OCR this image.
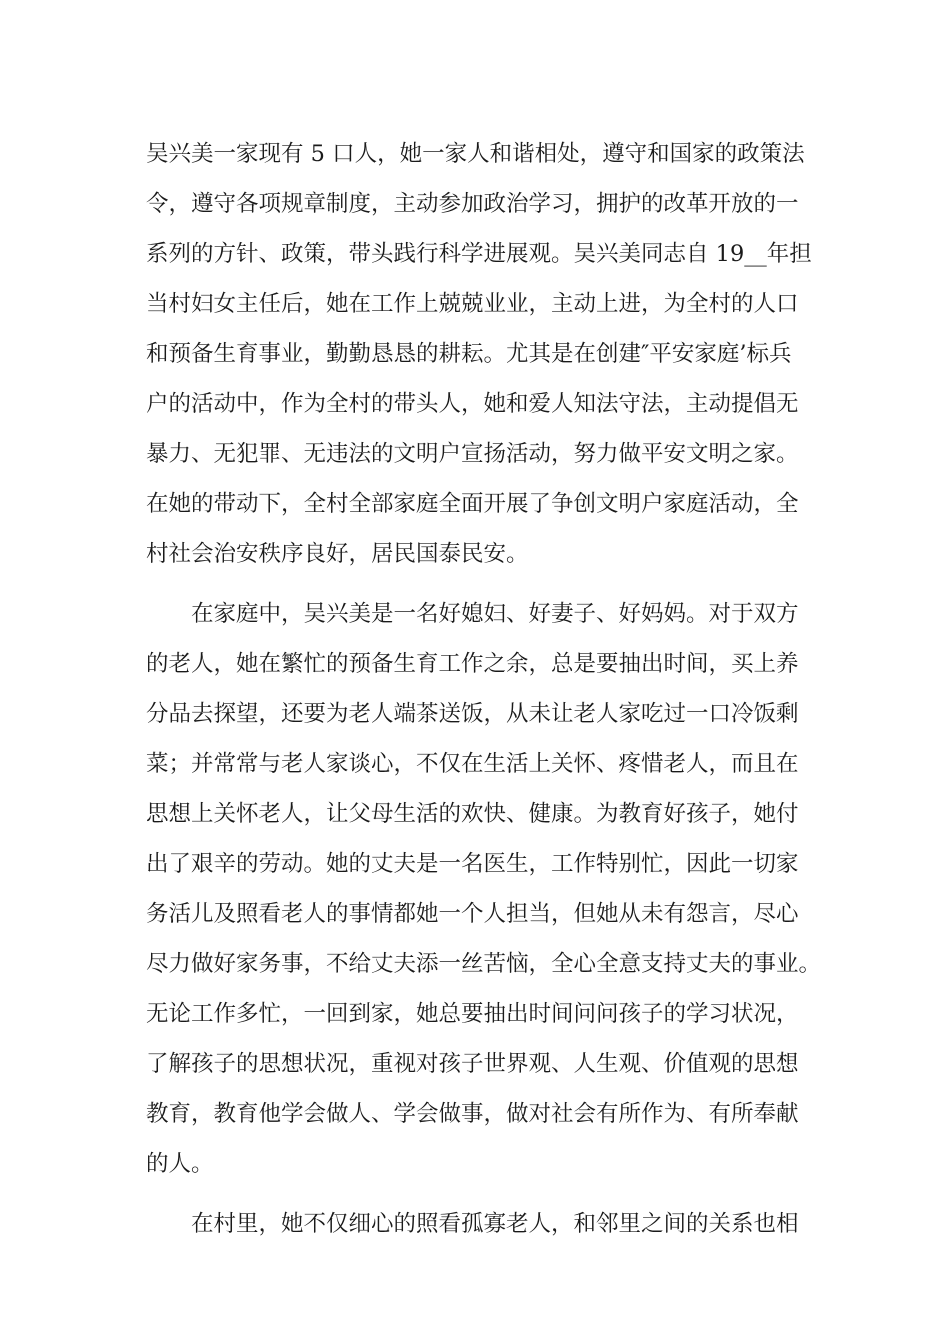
吴兴美一家现有 5 口人，她一家人和谐相处，遵守和国家的政策法
令，遵守各项规章制度，主动参加政治学习，拥护的改革开放的一
系列的方针、政策，带头践行科学进展观。吴兴美同志自 19__年担
当村妇女主任后，她在工作上兢兢业业，主动上进，为全村的人口
和预备生育事业，勤勤恳恳的耕耘。尤其是在创建″平安家庭’标兵
户的活动中，作为全村的带头人，她和爱人知法守法，主动提倡无
暴力、无犯罪、无违法的文明户宣扬活动，努力做平安文明之家。
在她的带动下，全村全部家庭全面开展了争创文明户家庭活动，全
村社会治安秩序良好，居民国泰民安。
　　在家庭中，吴兴美是一名好媳妇、好妻子、好妈妈。对于双方
的老人，她在繁忙的预备生育工作之余，总是要抽出时间，买上养
分品去探望，还要为老人端茶送饭，从未让老人家吃过一口冷饭剩
菜；并常常与老人家谈心，不仅在生活上关怀、疼惜老人，而且在
思想上关怀老人，让父母生活的欢快、健康。为教育好孩子，她付
出了艰辛的劳动。她的丈夫是一名医生，工作特别忙，因此一切家
务活儿及照看老人的事情都她一个人担当，但她从未有怨言，尽心
尽力做好家务事，不给丈夫添一丝苦恼，全心全意支持丈夫的事业。
无论工作多忙，一回到家，她总要抽出时间问问孩子的学习状况，
了解孩子的思想状况，重视对孩子世界观、人生观、价值观的思想
教育，教育他学会做人、学会做事，做对社会有所作为、有所奉献
的人。
　　在村里，她不仅细心的照看孤寡老人，和邻里之间的关系也相
